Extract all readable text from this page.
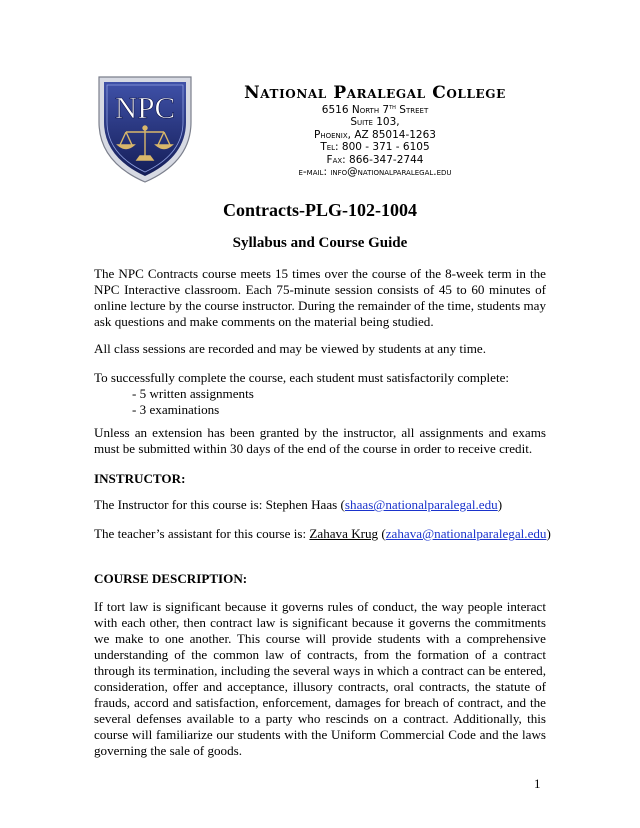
NPC	National Paralegal College
6516 North 7th Street
Suite 103,
Phoenix, AZ 85014-1263
Tel: 800 - 371 - 6105
Fax: 866-347-2744
e-mail: info@nationalparalegal.edu
Contracts-PLG-102-1004
Syllabus and Course Guide
The NPC Contracts course meets 15 times over the course of the 8-week term in the NPC Interactive classroom. Each 75-minute session consists of 45 to 60 minutes of online lecture by the course instructor. During the remainder of the time, students may ask questions and make comments on the material being studied.
All class sessions are recorded and may be viewed by students at any time.
To successfully complete the course, each student must satisfactorily complete:
- 5 written assignments
- 3 examinations
Unless an extension has been granted by the instructor, all assignments and exams must be submitted within 30 days of the end of the course in order to receive credit.
INSTRUCTOR:
The Instructor for this course is: Stephen Haas (shaas@nationalparalegal.edu)
The teacher’s assistant for this course is: Zahava Krug (zahava@nationalparalegal.edu)
COURSE DESCRIPTION:
If tort law is significant because it governs rules of conduct, the way people interact with each other, then contract law is significant because it governs the commitments we make to one another. This course will provide students with a comprehensive understanding of the common law of contracts, from the formation of a contract through its termination, including the several ways in which a contract can be entered, consideration, offer and acceptance, illusory contracts, oral contracts, the statute of frauds, accord and satisfaction, enforcement, damages for breach of contract, and the several defenses available to a party who rescinds on a contract. Additionally, this course will familiarize our students with the Uniform Commercial Code and the laws governing the sale of goods.
1
